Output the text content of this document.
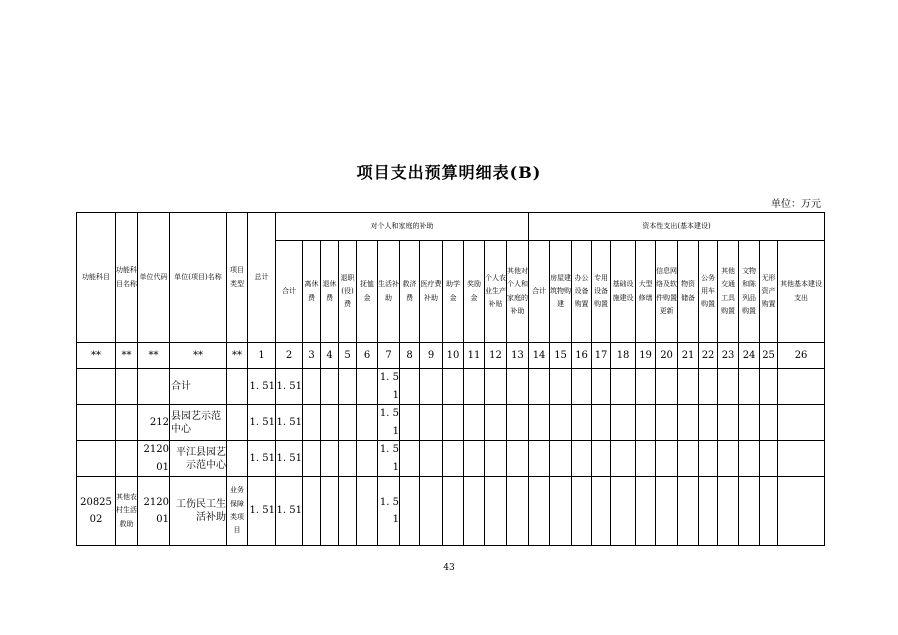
项目支出预算明细表(B)
单位：万元
功能科目	功能科目名称	单位代码	单位(项目)名称	项目类型	总计	对个人和家庭的补助												资本性支出(基本建设)												
						合计	离休费	退休费	退职(役)费	抚恤金	生活补助	救济费	医疗费补助	助学金	奖励金	个人农业生产补贴	其他对个人和家庭的补助	合计	房屋建筑物购建	办公设备购置	专用设备购置	基础设施建设	大型修缮	信息网络及软件购置更新	物资储备	公务用车购置	其他交通工具购置	文物和陈列品购置	无形资产购置	其他基本建设支出
**	**	**	**	**	1	2	3	4	5	6	7	8	9	10	11	12	13	14	15	16	17	18	19	20	21	22	23	24	25	26
			合计		1. 51	1. 51					1. 51																			
		212	县园艺示范中心		1. 51	1. 51					1. 51																			
		212001	平江县园艺示范中心		1. 51	1. 51					1. 51																			
2082502	其他农村生活救助	212001	工伤民工生活补助	业务保障类项目	1. 51	1. 51					1. 51																			
43
